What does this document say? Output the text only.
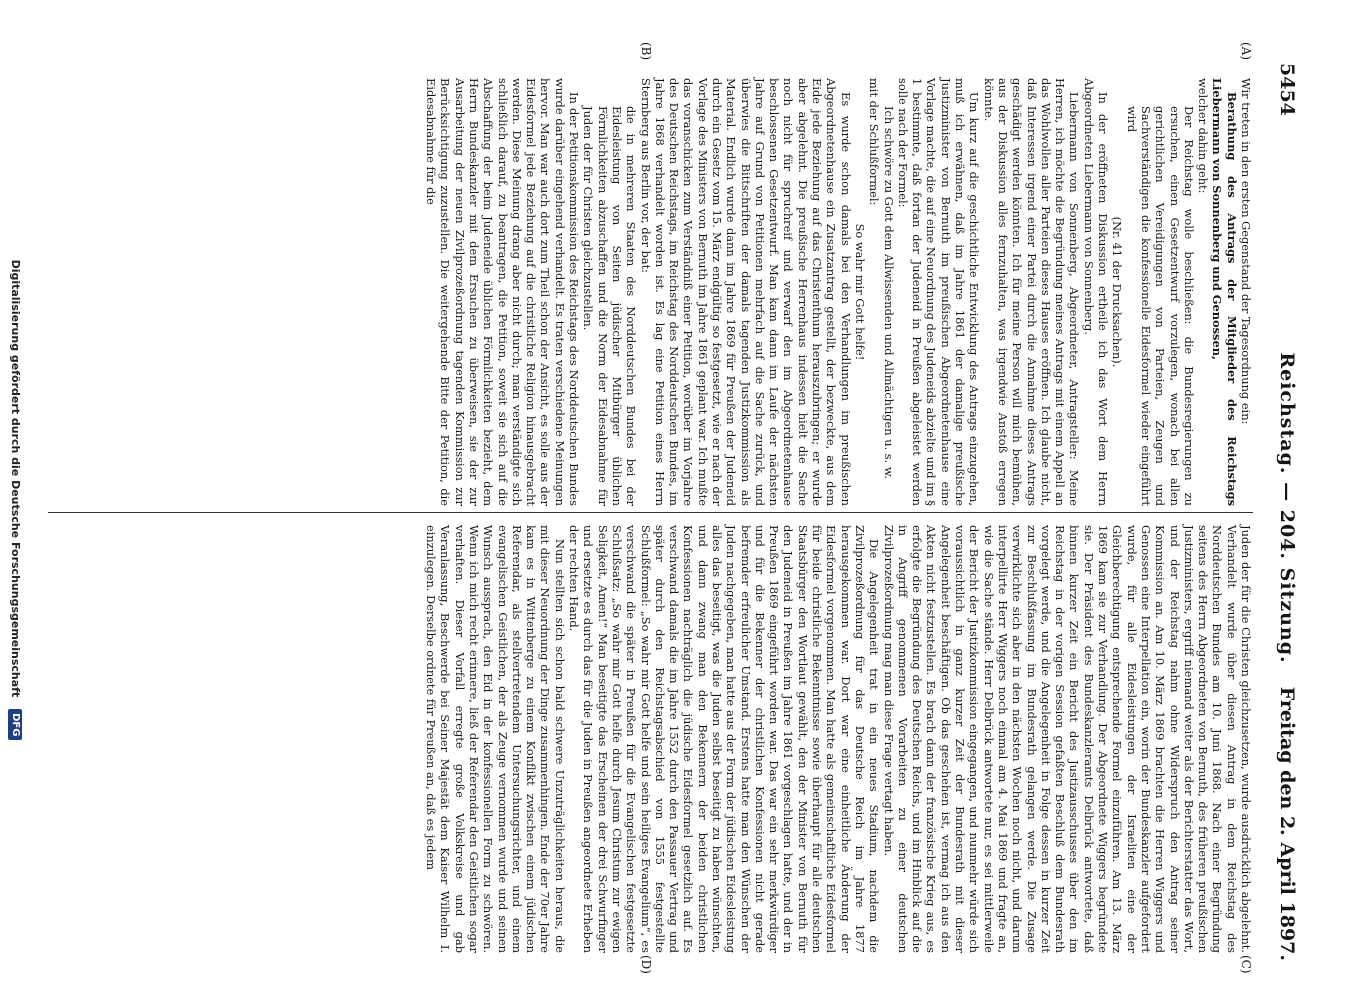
5454
Reichstag. — 204. Sitzung.
Freitag den 2. April 1897.
(A)
(B)
(C)
(D)

Wir treten in den ersten Gegenstand der Tagesordnung ein:

Berathung des Antrags der Mitglieder des Reichstags Liebermann von Sonnenberg und Genossen,

welcher dahin geht:

Der Reichstag wolle beschließen: die Bundesregierungen zu ersuchen, einen Gesetzentwurf vorzulegen, wonach bei allen gerichtlichen Vereidigungen von Parteien, Zeugen und Sachverständigen die konfessionelle Eidesformel wieder eingeführt wird

(Nr. 41 der Drucksachen).

In der eröffneten Diskussion ertheile ich das Wort dem Herrn Abgeordneten Liebermann von Sonnenberg.

Liebermann von Sonnenberg, Abgeordneter, Antragsteller: Meine Herren, ich möchte die Begründung meines Antrags mit einem Appell an das Wohlwollen aller Parteien dieses Hauses eröffnen. Ich glaube nicht, daß Interessen irgend einer Partei durch die Annahme dieses Antrags geschädigt werden könnten. Ich für meine Person will mich bemühen, aus der Diskussion alles fernzuhalten, was irgendwie Anstoß erregen könnte.

Um kurz auf die geschichtliche Entwicklung des Antrags einzugehen, muß ich erwähnen, daß im Jahre 1861 der damalige preußische Justizminister von Bernuth im preußischen Abgeordnetenhause eine Vorlage machte, die auf eine Neuordnung des Judeneids abzielte und im § 1 bestimmte, daß fortan der Judeneid in Preußen abgeleistet werden solle nach der Formel:

Ich schwöre zu Gott dem Allwissenden und Allmächtigen u. s. w.

mit der Schlußformel:

So wahr mir Gott helfe!

Es wurde schon damals bei den Verhandlungen im preußischen Abgeordnetenhause ein Zusatzantrag gestellt, der bezweckte, aus dem Eide jede Beziehung auf das Christenthum herauszubringen; er wurde aber abgelehnt. Die preußische Herrenhaus indessen hielt die Sache noch nicht für spruchreif und verwarf den im Abgeordnetenhause beschlossenen Gesetzentwurf. Man kam dann im Laufe der nächsten Jahre auf Grund von Petitionen mehrfach auf die Sache zurück, und überwies die Bittschriften der damals tagenden Justizkommission als Material. Endlich wurde dann im Jahre 1869 für Preußen der Judeneid durch ein Gesetz vom 15. März endgültig so festgesetzt, wie er nach der Vorlage des Ministers von Bernuth im Jahre 1861 geplant war. Ich mußte das voranschicken zum Verständniß einer Petition, worüber im Vorjahre des Deutschen Reichstags, im Reichstag des Norddeutschen Bundes, im Jahre 1868 verhandelt worden ist. Es lag eine Petition eines Herrn Sternberg aus Berlin vor, der bat:

die in mehreren Staaten des Norddeutschen Bundes bei der Eidesleistung von Seiten jüdischer Mitbürger üblichen Förmlichkeiten abzuschaffen und die Norm der Eidesabnahme für Juden der für Christen gleichzustellen.

In der Petitionskommission des Reichstags des Norddeutschen Bundes wurde darüber eingehend verhandelt. Es traten verschiedene Meinungen hervor. Man war auch dort zum Theil schon der Ansicht, es solle aus der Eidesformel jede Beziehung auf die christliche Religion hinausgebracht werden. Diese Meinung drang aber nicht durch; man verständigte sich schließlich darauf, zu beantragen, die Petition, soweit sie sich auf die Abschaffung der beim Judeneide üblichen Förmlichkeiten bezieht, dem Herrn Bundeskanzler mit dem Ersuchen zu überweisen, sie der zur Ausarbeitung der neuen Zivilprozeßordnung tagenden Kommission zur Berücksichtigung zuzustellen. Die weitergehende Bitte der Petition, die Eidesabnahme für die

Juden der für die Christen gleichzusetzen, wurde ausdrücklich abgelehnt. Verhandelt wurde über diesen Antrag in dem Reichstag des Norddeutschen Bundes am 10. Juni 1868. Nach einer Begründung seitens des Herrn Abgeordneten von Bernuth, des früheren preußischen Justizministers, ergriff niemand weiter als der Berichterstatter das Wort, und der Reichstag nahm ohne Widerspruch den Antrag seiner Kommission an. Am 10. März 1869 brachten die Herren Wiggers und Genossen eine Interpellation ein, worin der Bundeskanzler aufgefordert wurde, für alle Eidesleistungen der Israeliten eine der Gleichberechtigung entsprechende Formel einzuführen. Am 13. März 1869 kam sie zur Verhandlung. Der Abgeordnete Wiggers begründete sie. Der Präsident des Bundeskanzleramts Delbrück antwortete, daß binnen kurzer Zeit ein Bericht des Justizausschusses über den im Reichstag in der vorigen Session gefaßten Beschluß dem Bundesrath vorgelegt werde, und die Angelegenheit in Folge dessen in kurzer Zeit zur Beschlußfassung im Bundesrath gelangen werde. Die Zusage verwirklichte sich aber in den nächsten Wochen noch nicht, und darum interpellirte Herr Wiggers noch einmal am 4. Mai 1869 und fragte an, wie die Sache stände. Herr Delbrück antwortete nur, es sei mittlerweile der Bericht der Justizkommission eingegangen, und nunmehr würde sich voraussichtlich in ganz kurzer Zeit der Bundesrath mit dieser Angelegenheit beschäftigen. Ob das geschehen ist, vermag ich aus den Akten nicht festzustellen. Es brach dann der französische Krieg aus, es erfolgte die Begründung des Deutschen Reichs, und im Hinblick auf die in Angriff genommenen Vorarbeiten zu einer deutschen Zivilprozeßordnung mag man diese Frage vertagt haben.

Die Angelegenheit trat in ein neues Stadium, nachdem die Zivilprozeßordnung für das Deutsche Reich im Jahre 1877 herausgekommen war. Dort war eine einheitliche Änderung der Eidesformel vorgenommen. Man hatte als gemeinschaftliche Eidesformel für beide christliche Bekenntnisse sowie überhaupt für alle deutschen Staatsbürger den Wortlaut gewählt, den der Minister von Bernuth für den Judeneid in Preußen im Jahre 1861 vorgeschlagen hatte, und der in Preußen 1869 eingeführt worden war. Das war ein sehr merkwürdiger und für die Bekenner der christlichen Konfessionen nicht gerade befremder erfreulicher Umstand. Erstens hatte man den Wünschen der Juden nachgegeben, man hatte aus der Form der jüdischen Eidesleistung alles das beseitigt, was die Juden selbst beseitigt zu haben wünschten, und dann zwang man den Bekennern der beiden christlichen Konfessionen nachträglich die jüdische Eidesformel gesetzlich auf. Es verschwand damals die im Jahre 1552 durch den Passauer Vertrag und später durch den Reichstagsabschied von 1555 festgestellte Schlußformel: „So wahr mir Gott helfe und sein heiliges Evangelium“, es verschwand die später in Preußen für die Evangelischen festgesetzte Schlußsatz: „So wahr mir Gott helfe durch Jesum Christum zur ewigen Seligkeit, Amen!“ Man beseitigte das Erscheinen der drei Schwurfinger und ersetzte es durch das für die Juden in Preußen angeordnete Erheben der rechten Hand.

Nun stellten sich schon bald schwere Unzuträglichkeiten heraus, die mit dieser Neuordnung der Dinge zusammenhingen. Ende der 70er Jahre kam es in Wittenberge zu einem Konflikt zwischen einem jüdischen Referendar, als stellvertretendem Untersuchungsrichter, und einem evangelischen Geistlichen, der als Zeuge vernommen wurde und seinen Wunsch aussprach, den Eid in der konfessionellen Form zu schwören. Wenn ich mich recht erinnere, ließ der Referendar den Geistlichen sogar verhaften. Dieser Vorfall erregte große Volkskreise und gab Veranlassung, Beschwerde bei Seiner Majestät dem Kaiser Wilhelm I. einzulegen. Derselbe ordnete für Preußen an, daß es jedem

Digitalisierung gefördert durch die Deutsche Forschungsgemeinschaft DFG
